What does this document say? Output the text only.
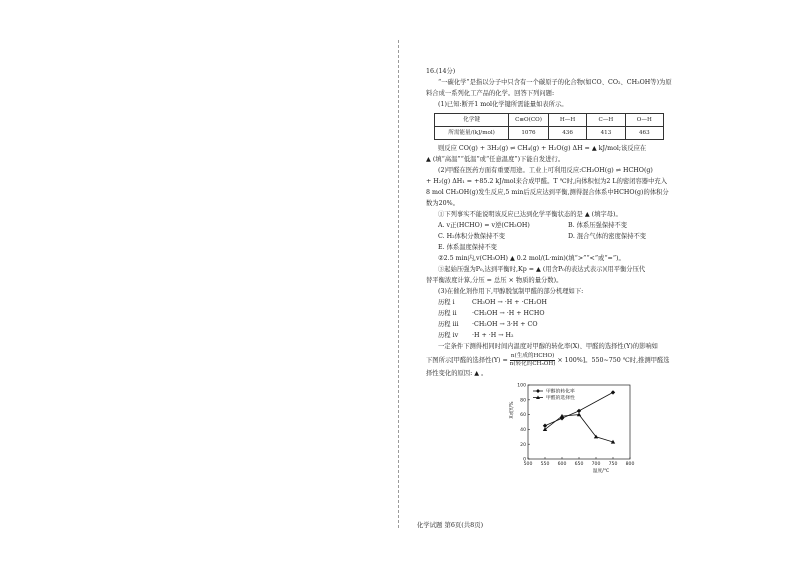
16.(14分)

“一碳化学”是指以分子中只含有一个碳原子的化合物(如CO、CO₂、CH₃OH等)为原

料合成一系列化工产品的化学。回答下列问题:

(1)已知:断开1 mol化学键所需能量如表所示。

化学键	C≡O(CO)	H—H	C—H	O—H
所需能量/(kJ/mol)	1076	436	413	463

则反应 CO(g) + 3H₂(g) ⇌ CH₄(g) + H₂O(g) ΔH = ▲ kJ/mol;该反应在

▲ (填“高温”“低温”或“任意温度”)下能自发进行。

(2)甲醛在医药方面有重要用途。工业上可利用反应:CH₃OH(g) ⇌ HCHO(g)

+ H₂(g) ΔH₁ = +85.2 kJ/mol来合成甲醛。T ℃时,向体积恒为2 L的密闭容器中充入

8 mol CH₃OH(g)发生反应,5 min后反应达到平衡,测得混合体系中HCHO(g)的体积分

数为20%。

①下列事实不能说明该反应已达到化学平衡状态的是 ▲ (填字母)。

A. v正(HCHO) = v逆(CH₃OH)	B. 体系压强保持不变
C. H₂体积分数保持不变	D. 混合气体的密度保持不变
E. 体系温度保持不变

②2.5 min内,v(CH₃OH) ▲ 0.2 mol/(L·min)(填“>”“<”或“=”)。

③起始压强为P₀,达到平衡时,Kp = ▲ (用含P₀的表达式表示)(用平衡分压代

替平衡浓度计算,分压 = 总压 × 物质的量分数)。

(3)在催化剂作用下,甲醇脱氢制甲醛的部分机理如下:

历程 i	CH₃OH → ·H + ·CH₂OH
历程 ii ·CH₂OH → ·H + HCHO
历程 iii ·CH₂OH → 3·H + CO
历程 iv ·H + ·H → H₂

一定条件下测得相同时间内温度对甲醇的转化率(X)、甲醛的选择性(Y)的影响如

下图所示[甲醛的选择性(Y) =
n(生成的HCHO)
n(转化的CH₃OH) × 100%]。550~750 ℃时,推测甲醛选

择性变化的原因: ▲ 。

500 550 600 650 700 750 800
0
20
40
60
80
100
温度/℃
X或Y/%
甲醇的转化率
甲醛的选择性
化学试题 第6页(共8页)
